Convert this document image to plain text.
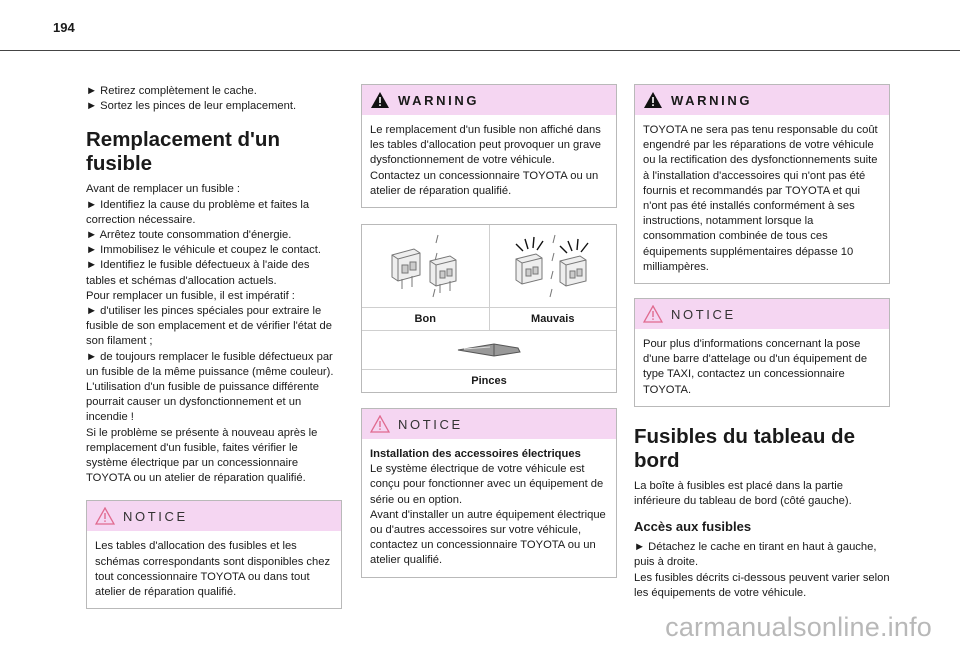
194

► Retirez complètement le cache.

► Sortez les pinces de leur emplacement.

Remplacement d'un fusible

Avant de remplacer un fusible :

► Identifiez la cause du problème et faites la correction nécessaire.

► Arrêtez toute consommation d'énergie.

► Immobilisez le véhicule et coupez le contact.

► Identifiez le fusible défectueux à l'aide des tables et schémas d'allocation actuels.

Pour remplacer un fusible, il est impératif :

► d'utiliser les pinces spéciales pour extraire le fusible de son emplacement et de vérifier l'état de son filament ;

► de toujours remplacer le fusible défectueux par un fusible de la même puissance (même couleur). L'utilisation d'un fusible de puissance différente pourrait causer un dysfonctionnement et un incendie !

Si le problème se présente à nouveau après le remplacement d'un fusible, faites vérifier le système électrique par un concessionnaire TOYOTA ou un atelier de réparation qualifié.

NOTICE

Les tables d'allocation des fusibles et les schémas correspondants sont disponibles chez tout concessionnaire TOYOTA ou dans tout atelier de réparation qualifié.

WARNING

Le remplacement d'un fusible non affiché dans les tables d'allocation peut provoquer un grave dysfonctionnement de votre véhicule. Contactez un concessionnaire TOYOTA ou un atelier de réparation qualifié.

Bon	Mauvais
Pinces
NOTICE

Installation des accessoires électriques

Le système électrique de votre véhicule est conçu pour fonctionner avec un équipement de série ou en option.

Avant d'installer un autre équipement électrique ou d'autres accessoires sur votre véhicule, contactez un concessionnaire TOYOTA ou un atelier qualifié.

WARNING

TOYOTA ne sera pas tenu responsable du coût engendré par les réparations de votre véhicule ou la rectification des dysfonctionnements suite à l'installation d'accessoires qui n'ont pas été fournis et recommandés par TOYOTA et qui n'ont pas été installés conformément à ses instructions, notamment lorsque la consommation combinée de tous ces équipements supplémentaires dépasse 10 milliampères.

NOTICE

Pour plus d'informations concernant la pose d'une barre d'attelage ou d'un équipement de type TAXI, contactez un concessionnaire TOYOTA.

Fusibles du tableau de bord

La boîte à fusibles est placé dans la partie inférieure du tableau de bord (côté gauche).

Accès aux fusibles

► Détachez le cache en tirant en haut à gauche, puis à droite.

Les fusibles décrits ci-dessous peuvent varier selon les équipements de votre véhicule.

carmanualsonline.info
